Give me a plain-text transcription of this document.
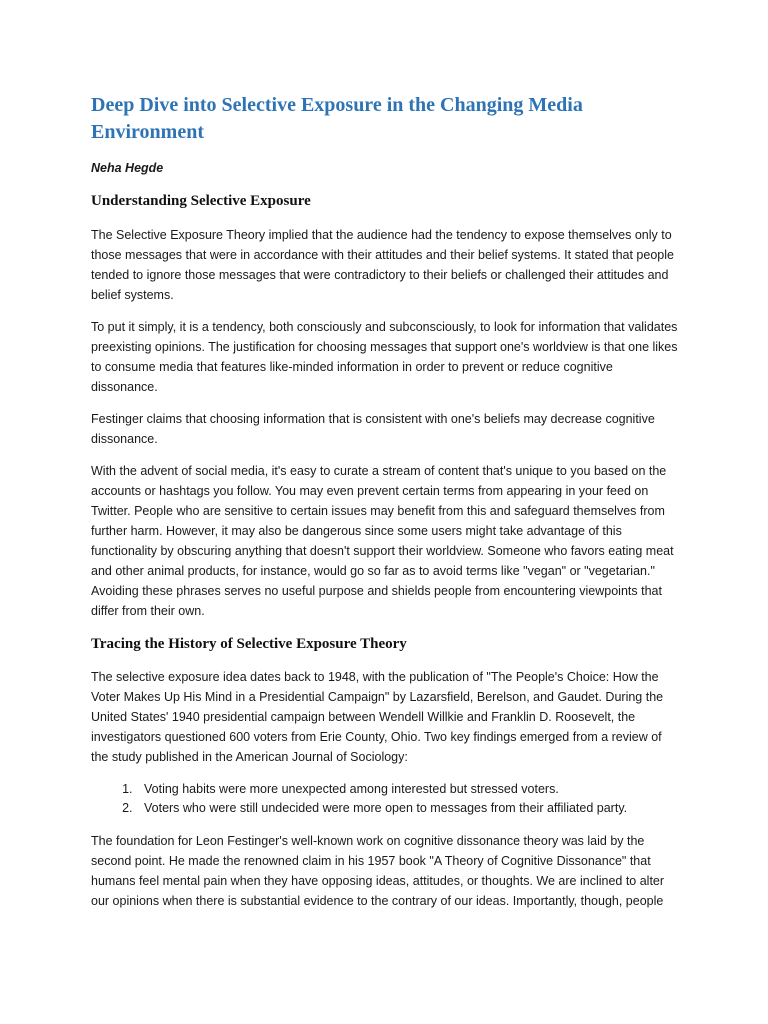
Deep Dive into Selective Exposure in the Changing Media Environment
Neha Hegde
Understanding Selective Exposure

The Selective Exposure Theory implied that the audience had the tendency to expose themselves only to those messages that were in accordance with their attitudes and their belief systems. It stated that people tended to ignore those messages that were contradictory to their beliefs or challenged their attitudes and belief systems.

To put it simply, it is a tendency, both consciously and subconsciously, to look for information that validates preexisting opinions. The justification for choosing messages that support one's worldview is that one likes to consume media that features like-minded information in order to prevent or reduce cognitive dissonance.

Festinger claims that choosing information that is consistent with one's beliefs may decrease cognitive dissonance.

With the advent of social media, it's easy to curate a stream of content that's unique to you based on the accounts or hashtags you follow. You may even prevent certain terms from appearing in your feed on Twitter. People who are sensitive to certain issues may benefit from this and safeguard themselves from further harm. However, it may also be dangerous since some users might take advantage of this functionality by obscuring anything that doesn't support their worldview. Someone who favors eating meat and other animal products, for instance, would go so far as to avoid terms like "vegan" or "vegetarian." Avoiding these phrases serves no useful purpose and shields people from encountering viewpoints that differ from their own.

Tracing the History of Selective Exposure Theory

The selective exposure idea dates back to 1948, with the publication of "The People's Choice: How the Voter Makes Up His Mind in a Presidential Campaign" by Lazarsfield, Berelson, and Gaudet. During the United States' 1940 presidential campaign between Wendell Willkie and Franklin D. Roosevelt, the investigators questioned 600 voters from Erie County, Ohio. Two key findings emerged from a review of the study published in the American Journal of Sociology:

1. Voting habits were more unexpected among interested but stressed voters.
2. Voters who were still undecided were more open to messages from their affiliated party.

The foundation for Leon Festinger's well-known work on cognitive dissonance theory was laid by the second point. He made the renowned claim in his 1957 book "A Theory of Cognitive Dissonance" that humans feel mental pain when they have opposing ideas, attitudes, or thoughts. We are inclined to alter our opinions when there is substantial evidence to the contrary of our ideas. Importantly, though, people
